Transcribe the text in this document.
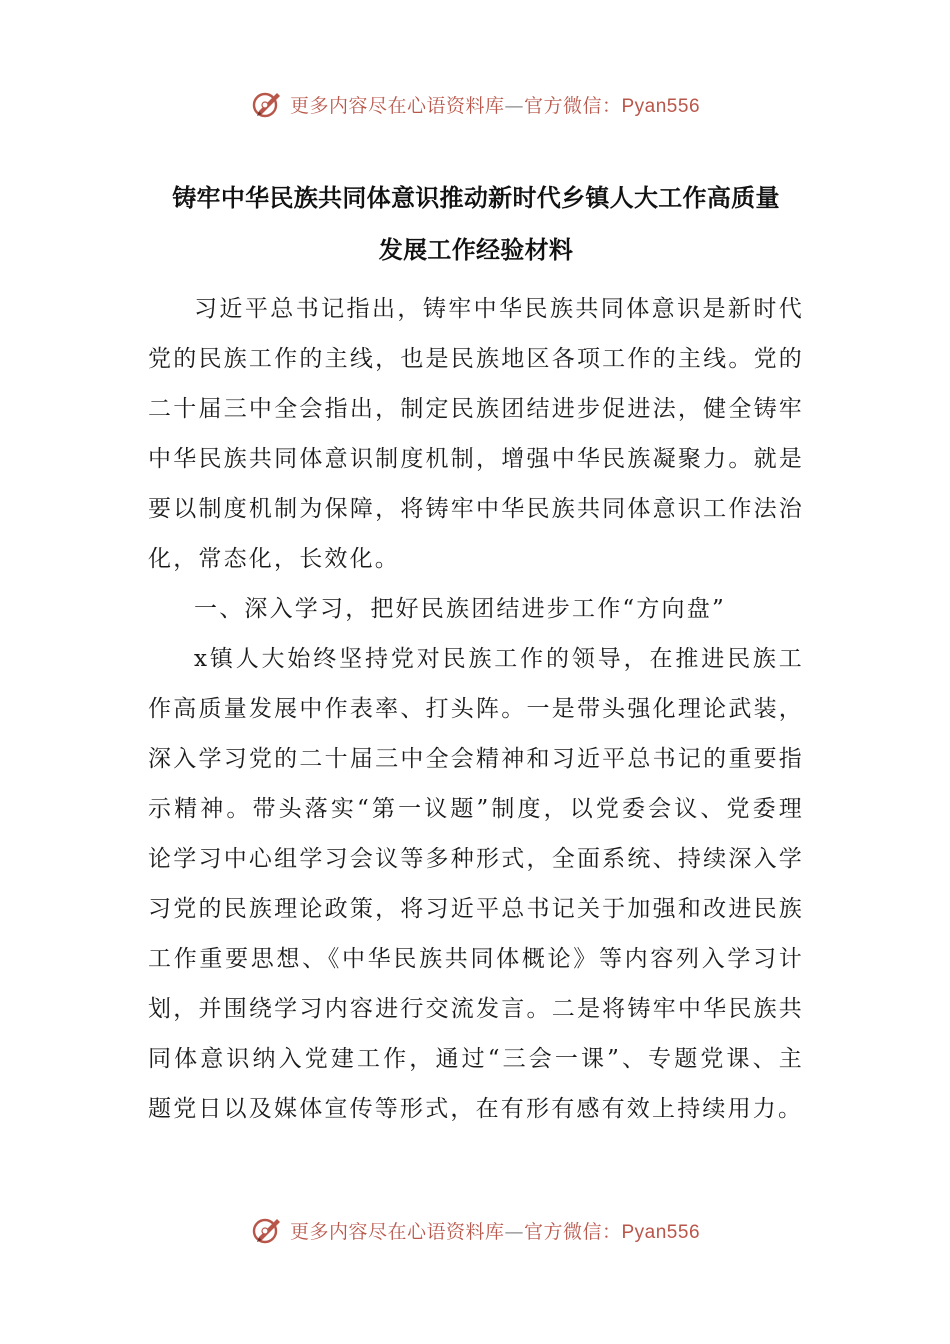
更多内容尽在心语资料库—官方微信：Pyan556
铸牢中华民族共同体意识推动新时代乡镇人大工作高质量
发展工作经验材料

习近平总书记指出，铸牢中华民族共同体意识是新时代党的民族工作的主线，也是民族地区各项工作的主线。党的二十届三中全会指出，制定民族团结进步促进法，健全铸牢中华民族共同体意识制度机制，增强中华民族凝聚力。就是要以制度机制为保障，将铸牢中华民族共同体意识工作法治化，常态化，长效化。

一、深入学习，把好民族团结进步工作“方向盘”

x镇人大始终坚持党对民族工作的领导，在推进民族工作高质量发展中作表率、打头阵。一是带头强化理论武装，深入学习党的二十届三中全会精神和习近平总书记的重要指示精神。带头落实“第一议题”制度，以党委会议、党委理论学习中心组学习会议等多种形式，全面系统、持续深入学习党的民族理论政策，将习近平总书记关于加强和改进民族工作重要思想、《中华民族共同体概论》等内容列入学习计划，并围绕学习内容进行交流发言。二是将铸牢中华民族共同体意识纳入党建工作，通过“三会一课”、专题党课、主题党日以及媒体宣传等形式，在有形有感有效上持续用力。

更多内容尽在心语资料库—官方微信：Pyan556
